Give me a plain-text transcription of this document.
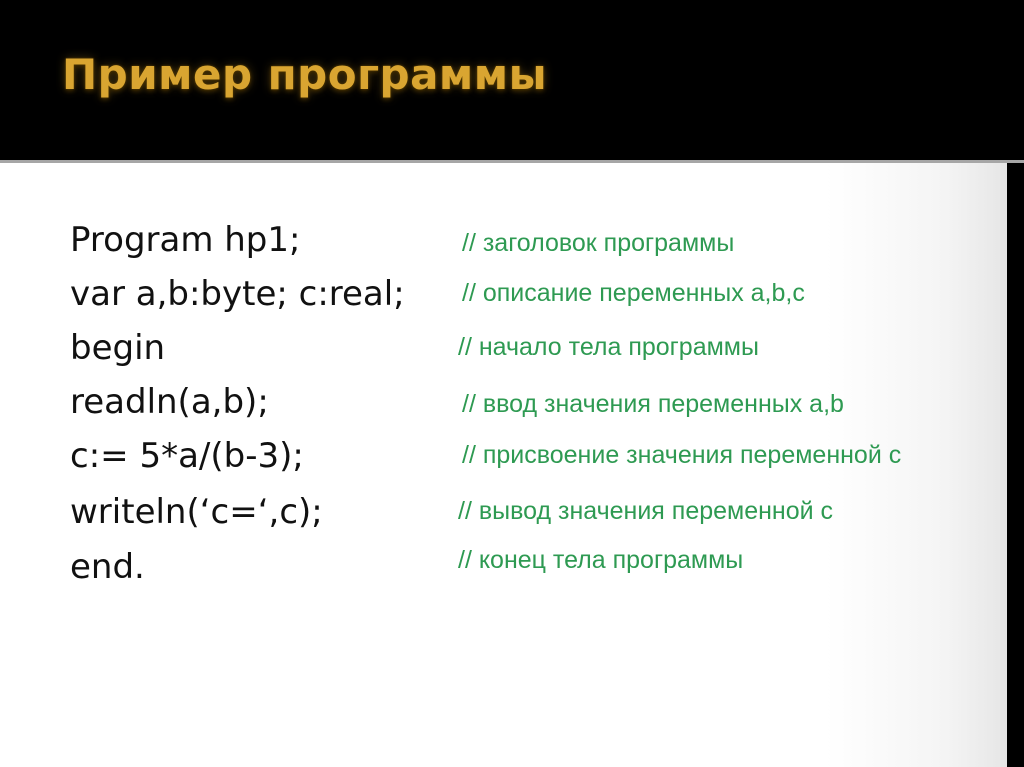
Пример программы
Program hp1;	// заголовок программы
var a,b:byte; c:real; // описание переменных a,b,c
begin	// начало тела программы
readln(a,b);	// ввод значения переменных a,b
c:= 5*a/(b-3);	// присвоение значения переменной c
writeln(‘c=‘,c);	// вывод значения переменной с
end.	// конец тела программы
